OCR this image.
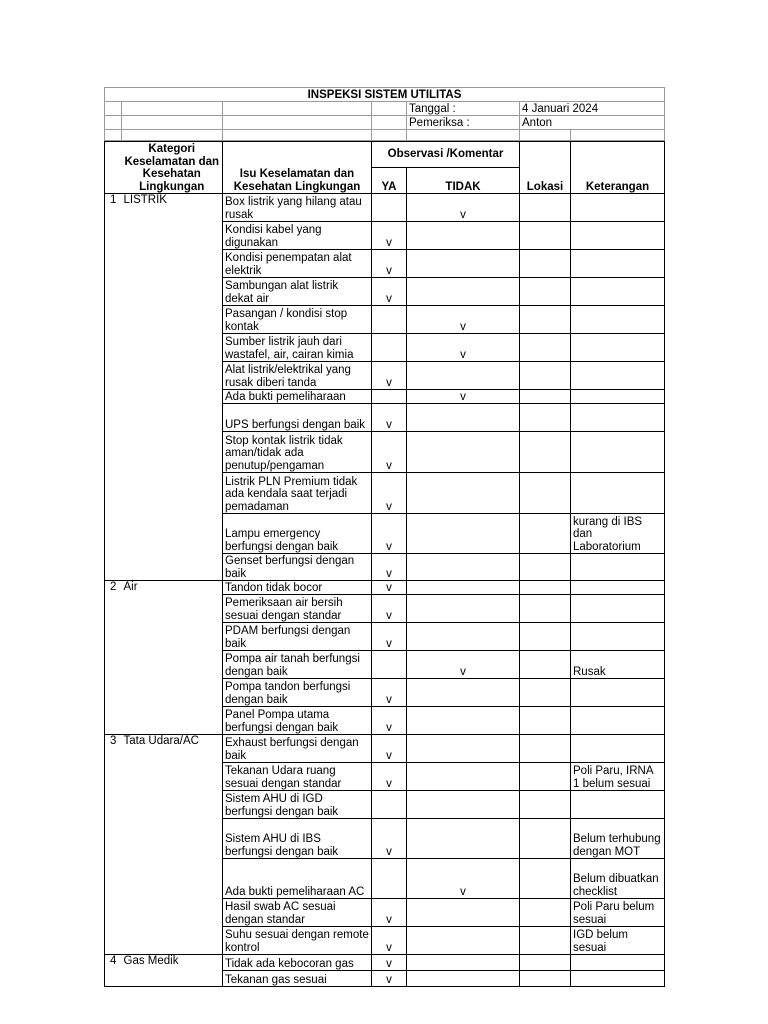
INSPEKSI SISTEM UTILITAS						
				Tanggal :	4 Januari 2024	
				Pemeriksa :	Anton	

	Kategori Keselamatan dan Kesehatan Lingkungan	Isu Keselamatan dan Kesehatan Lingkungan	Observasi /Komentar		Lokasi	Keterangan
			YA	TIDAK		
1	LISTRIK	Box listrik yang hilang atau rusak		v		
		Kondisi kabel yang digunakan	v			
		Kondisi penempatan alat elektrik	v			
		Sambungan alat listrik dekat air	v			
		Pasangan / kondisi stop kontak		v		
		Sumber listrik jauh dari wastafel, air, cairan kimia		v		
		Alat listrik/elektrikal yang rusak diberi tanda	v			
		Ada bukti pemeliharaan		v		
		UPS berfungsi dengan baik	v			
		Stop kontak listrik tidak aman/tidak ada penutup/pengaman	v			
		Listrik PLN Premium tidak ada kendala saat terjadi pemadaman	v			
		Lampu emergency berfungsi dengan baik	v			kurang di IBS dan Laboratorium
		Genset berfungsi dengan baik	v			
2	Air	Tandon tidak bocor	v			
		Pemeriksaan air bersih sesuai dengan standar	v			
		PDAM berfungsi dengan baik	v			
		Pompa air tanah berfungsi dengan baik		v		Rusak
		Pompa tandon berfungsi dengan baik	v			
		Panel Pompa utama berfungsi dengan baik	v			
3	Tata Udara/AC	Exhaust berfungsi dengan baik	v			
		Tekanan Udara ruang sesuai dengan standar	v			Poli Paru, IRNA 1 belum sesuai
		Sistem AHU di IGD berfungsi dengan baik				
		Sistem AHU di IBS berfungsi dengan baik	v			Belum terhubung dengan MOT
		Ada bukti pemeliharaan AC		v		Belum dibuatkan checklist
		Hasil swab AC sesuai dengan standar	v			Poli Paru belum sesuai
		Suhu sesuai dengan remote kontrol	v			IGD belum sesuai
4	Gas Medik	Tidak ada kebocoran gas	v			
		Tekanan gas sesuai	v			
